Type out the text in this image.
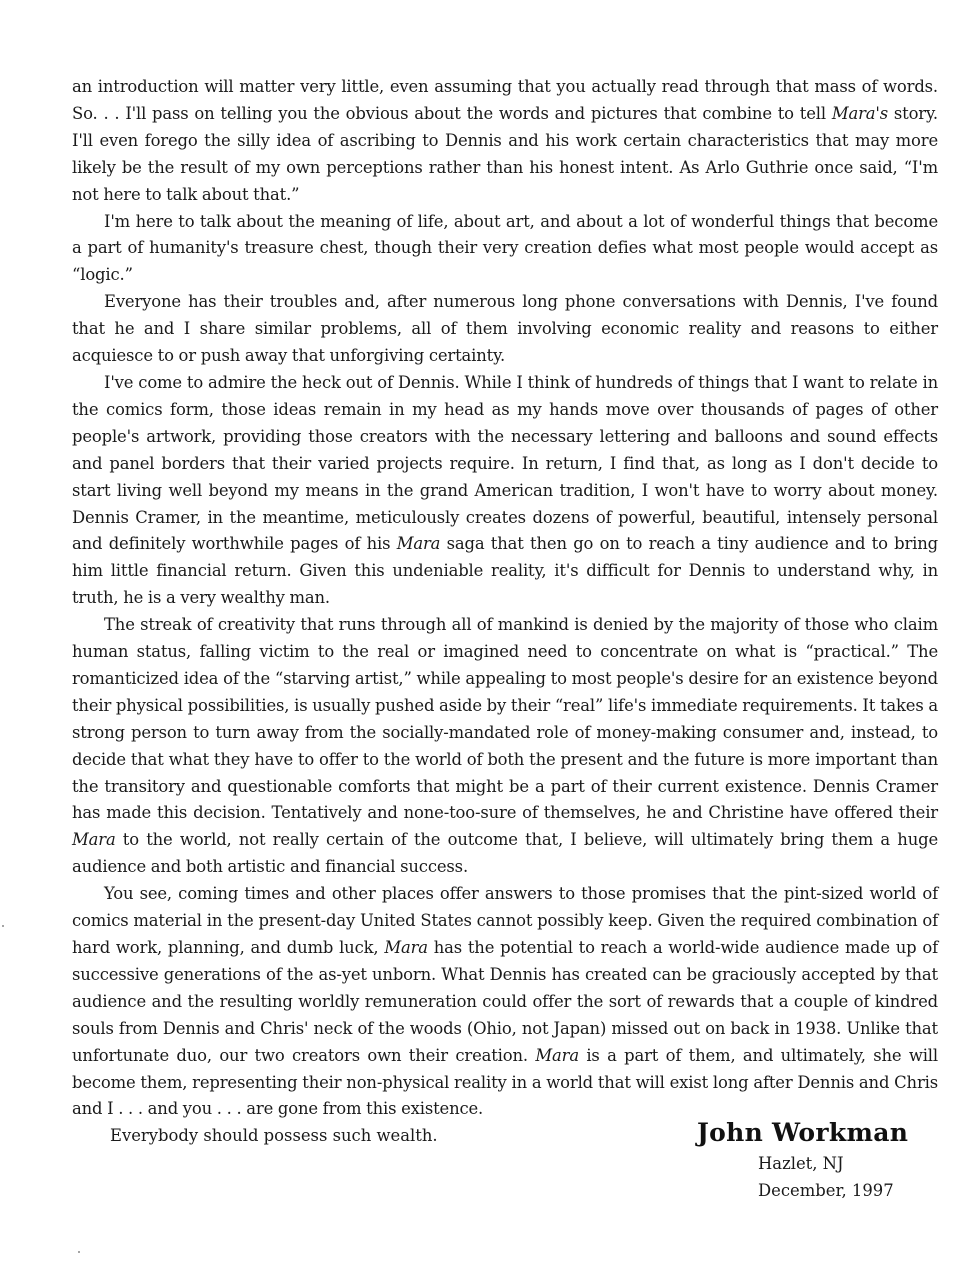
an introduction will matter very little, even assuming that you actually read through that mass of words. So. . . I'll pass on telling you the obvious about the words and pictures that combine to tell Mara's story. I'll even forego the silly idea of ascribing to Dennis and his work certain characteristics that may more likely be the result of my own perceptions rather than his honest intent. As Arlo Guthrie once said, “I'm not here to talk about that.”

I'm here to talk about the meaning of life, about art, and about a lot of wonderful things that become a part of humanity's treasure chest, though their very creation defies what most people would accept as “logic.”

Everyone has their troubles and, after numerous long phone conversations with Dennis, I've found that he and I share similar problems, all of them involving economic reality and reasons to either acquiesce to or push away that unforgiving certainty.

I've come to admire the heck out of Dennis. While I think of hundreds of things that I want to relate in the comics form, those ideas remain in my head as my hands move over thousands of pages of other people's artwork, providing those creators with the necessary lettering and balloons and sound effects and panel borders that their varied projects require. In return, I find that, as long as I don't decide to start living well beyond my means in the grand American tradition, I won't have to worry about money. Dennis Cramer, in the meantime, meticulously creates dozens of powerful, beautiful, intensely personal and definitely worthwhile pages of his Mara saga that then go on to reach a tiny audience and to bring him little financial return. Given this undeniable reality, it's difficult for Dennis to understand why, in truth, he is a very wealthy man.

The streak of creativity that runs through all of mankind is denied by the majority of those who claim human status, falling victim to the real or imagined need to concentrate on what is “practical.” The romanticized idea of the “starving artist,” while appealing to most people's desire for an existence beyond their physical possibilities, is usually pushed aside by their “real” life's immediate requirements. It takes a strong person to turn away from the socially-mandated role of money-making consumer and, instead, to decide that what they have to offer to the world of both the present and the future is more important than the transitory and questionable comforts that might be a part of their current existence. Dennis Cramer has made this decision. Tentatively and none-too-sure of themselves, he and Christine have offered their Mara to the world, not really certain of the outcome that, I believe, will ultimately bring them a huge audience and both artistic and financial success.

You see, coming times and other places offer answers to those promises that the pint-sized world of comics material in the present-day United States cannot possibly keep. Given the required combination of hard work, planning, and dumb luck, Mara has the potential to reach a world-wide audience made up of successive generations of the as-yet unborn. What Dennis has created can be graciously accepted by that audience and the resulting worldly remuneration could offer the sort of rewards that a couple of kindred souls from Dennis and Chris' neck of the woods (Ohio, not Japan) missed out on back in 1938. Unlike that unfortunate duo, our two creators own their creation. Mara is a part of them, and ultimately, she will become them, representing their non-physical reality in a world that will exist long after Dennis and Chris and I . . . and you . . . are gone from this existence.

Everybody should possess such wealth.	John Workman

Hazlet, NJ

December, 1997
